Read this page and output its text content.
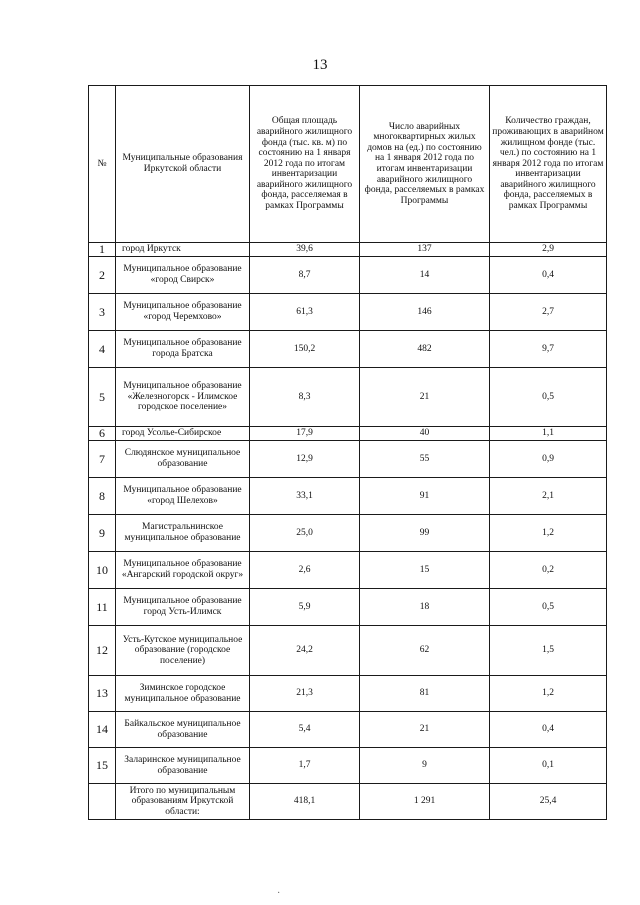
13
№	Муниципальные образования Иркутской области	Общая площадь аварийного жилищного фонда (тыс. кв. м) по состоянию на 1 января 2012 года по итогам инвентаризации аварийного жилищного фонда, расселяемая в рамках Программы	Число аварийных многоквартирных жилых домов на (ед.) по состоянию на 1 января 2012 года по итогам инвентаризации аварийного жилищного фонда, расселяемых в рамках Программы	Количество граждан, проживающих в аварийном жилищном фонде (тыс. чел.) по состоянию на 1 января 2012 года по итогам инвентаризации аварийного жилищного фонда, расселяемых в рамках Программы
1	город Иркутск	39,6	137	2,9
2	Муниципальное образование «город Свирск»	8,7	14	0,4
3	Муниципальное образование «город Черемхово»	61,3	146	2,7
4	Муниципальное образование города Братска	150,2	482	9,7
5	Муниципальное образование «Железногорск - Илимское городское поселение»	8,3	21	0,5
6	город Усолье-Сибирское	17,9	40	1,1
7	Слюдянское муниципальное образование	12,9	55	0,9
8	Муниципальное образование «город Шелехов»	33,1	91	2,1
9	Магистральнинское муниципальное образование	25,0	99	1,2
10	Муниципальное образование «Ангарский городской округ»	2,6	15	0,2
11	Муниципальное образование город Усть-Илимск	5,9	18	0,5
12	Усть-Кутское муниципальное образование (городское поселение)	24,2	62	1,5
13	Зиминское городское муниципальное образование	21,3	81	1,2
14	Байкальское муниципальное образование	5,4	21	0,4
15	Заларинское муниципальное образование	1,7	9	0,1
	Итого по муниципальным образованиям Иркутской области:	418,1	1 291	25,4
·
